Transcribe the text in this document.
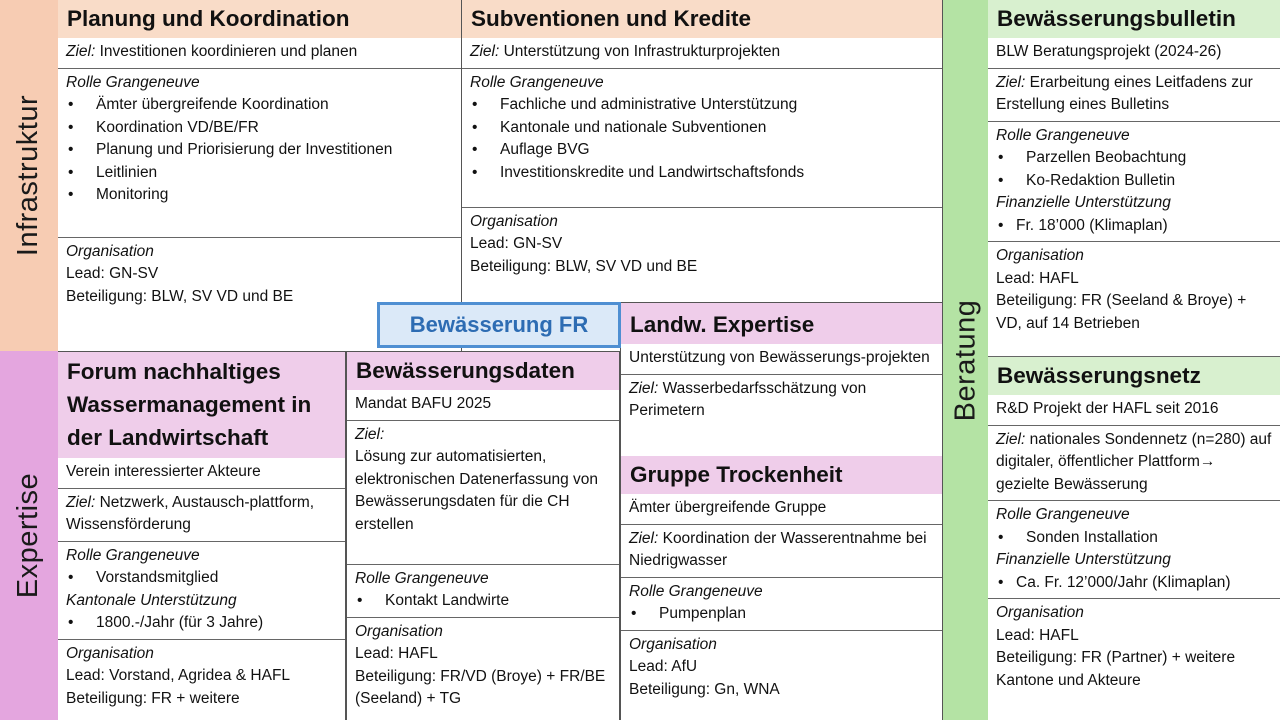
Infrastruktur
Expertise
Beratung
Planung und Koordination
Ziel: Investitionen koordinieren und planen
Rolle Grangeneuve
• Ämter übergreifende Koordination
• Koordination VD/BE/FR
• Planung und Priorisierung der Investitionen
• Leitlinien
• Monitoring
Organisation
Lead: GN-SV
Beteiligung: BLW, SV VD und BE
Subventionen und Kredite
Ziel: Unterstützung von Infrastrukturprojekten
Rolle Grangeneuve
• Fachliche und administrative Unterstützung
• Kantonale und nationale Subventionen
• Auflage BVG
• Investitionskredite und Landwirtschaftsfonds
Organisation
Lead: GN-SV
Beteiligung: BLW, SV VD und BE
Bewässerungsbulletin
BLW Beratungsprojekt (2024-26)
Ziel: Erarbeitung eines Leitfadens zur Erstellung eines Bulletins
Rolle Grangeneuve
• Parzellen Beobachtung
• Ko-Redaktion Bulletin
Finanzielle Unterstützung
• Fr. 18’000 (Klimaplan)
Organisation
Lead: HAFL
Beteiligung: FR (Seeland & Broye) + VD, auf 14 Betrieben
Bewässerungsnetz
R&D Projekt der HAFL seit 2016
Ziel: nationales Sondennetz (n=280) auf digitaler, öffentlicher Plattform→ gezielte Bewässerung
Rolle Grangeneuve
• Sonden Installation
Finanzielle Unterstützung
• Ca. Fr. 12’000/Jahr (Klimaplan)
Organisation
Lead: HAFL
Beteiligung: FR (Partner) + weitere Kantone und Akteure
Forum nachhaltiges Wassermanagement in der Landwirtschaft
Verein interessierter Akteure
Ziel: Netzwerk, Austausch-plattform, Wissensförderung
Rolle Grangeneuve
• Vorstandsmitglied
Kantonale Unterstützung
• 1800.-/Jahr (für 3 Jahre)
Organisation
Lead: Vorstand, Agridea & HAFL
Beteiligung: FR + weitere
Bewässerungsdaten
Mandat BAFU 2025
Ziel:
Lösung zur automatisierten, elektronischen Datenerfassung von Bewässerungsdaten für die CH erstellen
Rolle Grangeneuve
• Kontakt Landwirte
Organisation
Lead: HAFL
Beteiligung: FR/VD (Broye) + FR/BE (Seeland) + TG
Landw. Expertise
Unterstützung von Bewässerungs-projekten
Ziel: Wasserbedarfsschätzung von Perimetern
Gruppe Trockenheit
Ämter übergreifende Gruppe
Ziel: Koordination der Wasserentnahme bei Niedrigwasser
Rolle Grangeneuve
• Pumpenplan
Organisation
Lead: AfU
Beteiligung: Gn, WNA
Bewässerung FR
